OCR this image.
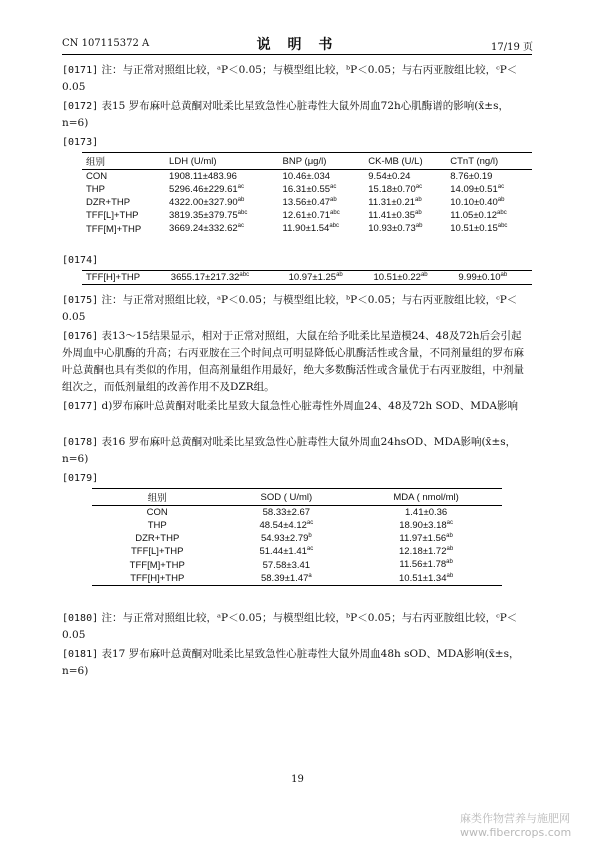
CN 107115372 A	说 明 书	17/19 页
[0171] 注：与正常对照组比较，ᵃP＜0.05；与模型组比较，ᵇP＜0.05；与右丙亚胺组比较，ᶜP＜0.05
[0172] 表15 罗布麻叶总黄酮对吡柔比星致急性心脏毒性大鼠外周血72h心肌酶谱的影响(x̄±s，n=6)
[0173]
组别	LDH (U/ml)	BNP (μg/l)	CK-MB (U/L)	CTnT (ng/l)
CON	1908.11±483.96	10.46±.034	9.54±0.24	8.76±0.19
THP	5296.46±229.61$^{ac}$	16.31±0.55$^{ac}$	15.18±0.70$^{ac}$	14.09±0.51$^{ac}$
DZR+THP	4322.00±327.90$^{ab}$	13.56±0.47$^{ab}$	11.31±0.21$^{ab}$	10.10±0.40$^{ab}$
TFF[L]+THP	3819.35±379.75$^{abc}$	12.61±0.71$^{abc}$	11.41±0.35$^{ab}$	11.05±0.12$^{abc}$
TFF[M]+THP	3669.24±332.62$^{ac}$	11.90±1.54$^{abc}$	10.93±0.73$^{ab}$	10.51±0.15$^{abc}$
[0174]
TFF[H]+THP	3655.17±217.32$^{abc}$	10.97±1.25$^{ab}$	10.51±0.22$^{ab}$	9.99±0.10$^{ab}$
[0175] 注：与正常对照组比较，ᵃP＜0.05；与模型组比较，ᵇP＜0.05；与右丙亚胺组比较，ᶜP＜0.05
[0176] 表13～15结果显示，相对于正常对照组，大鼠在给予吡柔比星造模24、48及72h后会引起外周血中心肌酶的升高；右丙亚胺在三个时间点可明显降低心肌酶活性或含量，不同剂量组的罗布麻叶总黄酮也具有类似的作用，但高剂量组作用最好，绝大多数酶活性或含量优于右丙亚胺组，中剂量组次之，而低剂量组的改善作用不及DZR组。
[0177] d)罗布麻叶总黄酮对吡柔比星致大鼠急性心脏毒性外周血24、48及72h SOD、MDA影响
[0178] 表16 罗布麻叶总黄酮对吡柔比星致急性心脏毒性大鼠外周血24hsOD、MDA影响(x̄±s，n=6)
[0179]
组别	SOD ( U/ml)	MDA ( nmol/ml)
CON	58.33±2.67	1.41±0.36
THP	48.54±4.12$^{ac}$	18.90±3.18$^{ac}$
DZR+THP	54.93±2.79$^b$	11.97±1.56$^{ab}$
TFF[L]+THP	51.44±1.41$^{ac}$	12.18±1.72$^{ab}$
TFF[M]+THP	57.58±3.41	11.56±1.78$^{ab}$
TFF[H]+THP	58.39±1.47$^a$	10.51±1.34$^{ab}$
[0180] 注：与正常对照组比较，ᵃP＜0.05；与模型组比较，ᵇP＜0.05；与右丙亚胺组比较，ᶜP＜0.05
[0181] 表17 罗布麻叶总黄酮对吡柔比星致急性心脏毒性大鼠外周血48h sOD、MDA影响(x̄±s，n=6)
19
麻类作物营养与施肥网
www.fibercrops.com
